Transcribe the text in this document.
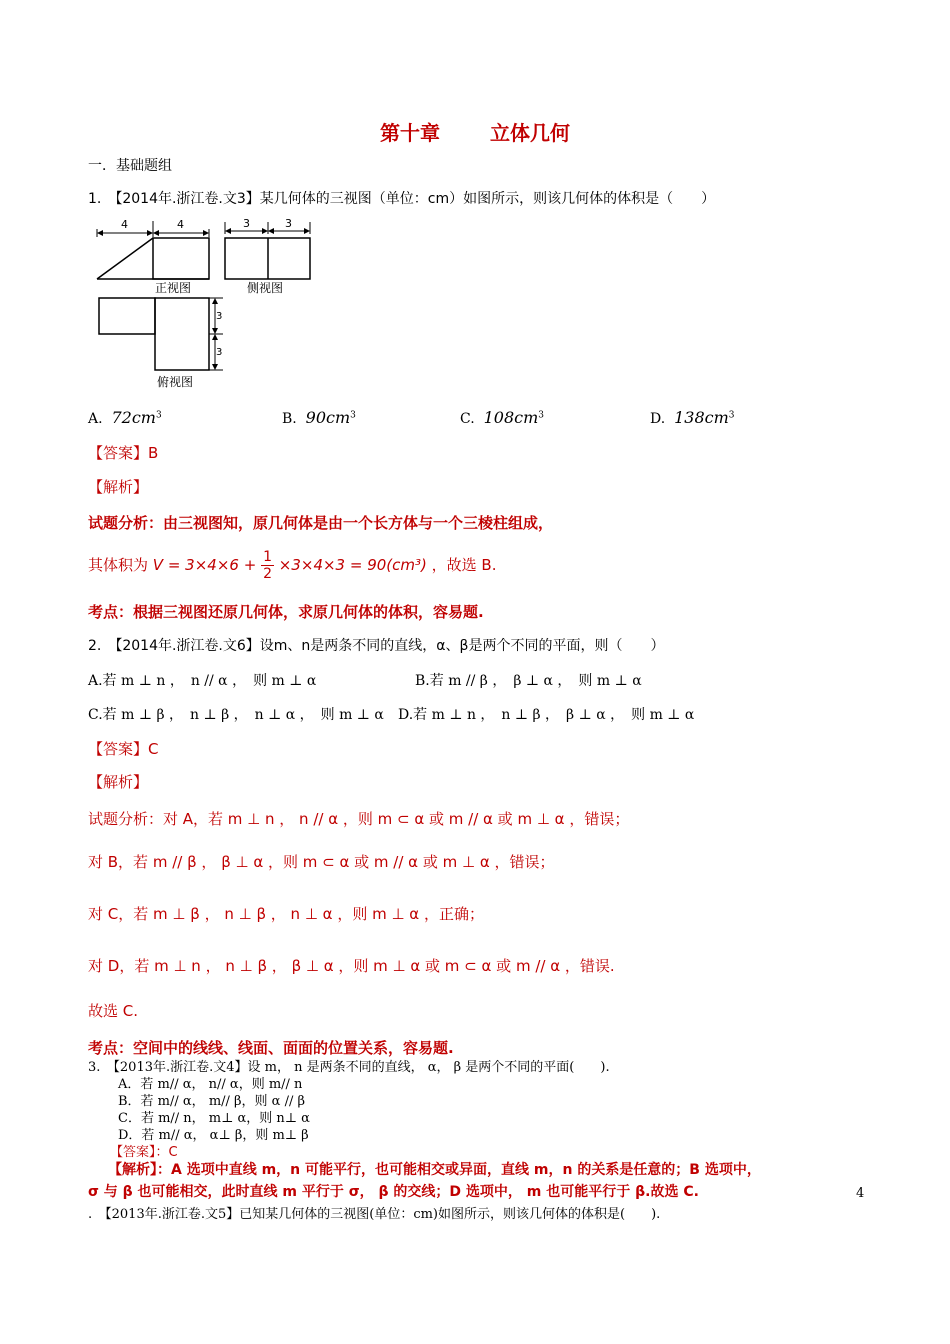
第十章 立体几何
一．基础题组
1.　【2014年.浙江卷.文3】某几何体的三视图（单位：cm）如图所示，则该几何体的体积是（　　）
4	4
正视图
3	3
侧视图
3
3
俯视图
A. $72cm^3$	B. $90cm^3$	C. $108cm^3$	D. $138cm^3$
【答案】B
【解析】
试题分析：由三视图知，原几何体是由一个长方体与一个三棱柱组成，
其体积为 $V = 3\times 4\times 6 + \frac{1}{2} \times 3\times 4\times 3 = 90(cm^3)$ ，故选 B.
考点：根据三视图还原几何体，求原几何体的体积，容易题.
2.　【2014年.浙江卷.文6】设m、n是两条不同的直线，α、β是两个不同的平面，则（　　）
A.若 m ⊥ n ，　n // α ，　则 m ⊥ α	B.若 m // β ，　β ⊥ α ，　则 m ⊥ α
C.若 m ⊥ β ，　n ⊥ β ，　n ⊥ α ，　则 m ⊥ α D.若 m ⊥ n ，　n ⊥ β ，　β ⊥ α ，　则 m ⊥ α
【答案】C
【解析】
试题分析：对 A，若 m ⊥ n ， n // α ，则 m ⊂ α 或 m // α 或 m ⊥ α ，错误；
对 B，若 m // β ， β ⊥ α ，则 m ⊂ α 或 m // α 或 m ⊥ α ，错误；
对 C，若 m ⊥ β ， n ⊥ β ， n ⊥ α ，则 m ⊥ α ，正确；
对 D，若 m ⊥ n ， n ⊥ β ， β ⊥ α ，则 m ⊥ α 或 m ⊂ α 或 m // α ，错误.
故选 C.
考点：空间中的线线、线面、面面的位置关系，容易题.
3.　【2013年.浙江卷.文4】设 m， n 是两条不同的直线， α， β 是两个不同的平面(　　).
A．若 m// α， n// α，则 m// n
B．若 m// α， m// β，则 α // β
C．若 m// n， m⊥ α，则 n⊥ α
D．若 m// α， α⊥ β，则 m⊥ β
【答案】：C
【解析】：A 选项中直线 m，n 可能平行，也可能相交或异面，直线 m，n 的关系是任意的；B 选项中，
σ 与 β 也可能相交，此时直线 m 平行于 σ， β 的交线；D 选项中， m 也可能平行于 β.故选 C.	4
.　【2013年.浙江卷.文5】已知某几何体的三视图(单位：cm)如图所示，则该几何体的体积是(　　).
